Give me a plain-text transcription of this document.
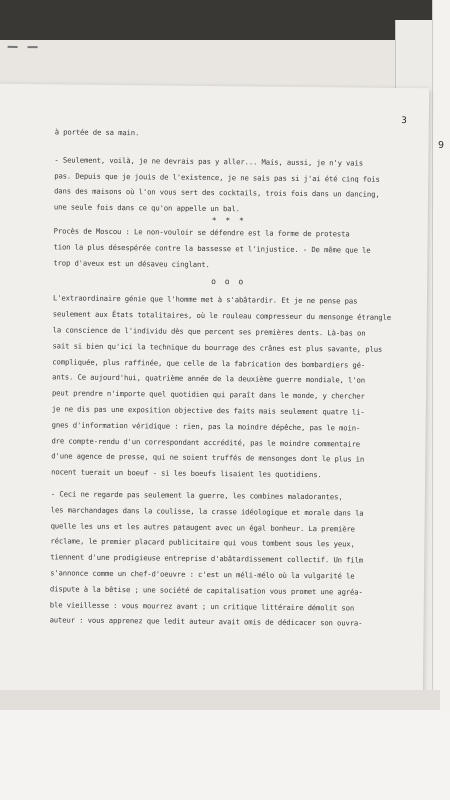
9
3
à portée de sa main.
- Seulement, voilà, je ne devrais pas y aller... Mais, aussi, je n'y vais
pas. Depuis que je jouis de l'existence, je ne sais pas si j'ai été cinq fois
dans des maisons où l'on vous sert des cocktails, trois fois dans un dancing,
une seule fois dans ce qu'on appelle un bal.
* * *
Procès de Moscou : Le non-vouloir se défendre est la forme de protesta
tion la plus désespérée contre la bassesse et l'injustice. - De même que le
trop d'aveux est un désaveu cinglant.
o o o
L'extraordinaire génie que l'homme met à s'abâtardir. Et je ne pense pas
seulement aux États totalitaires, où le rouleau compresseur du mensonge étrangle
la conscience de l'individu dès que percent ses premières dents. Là-bas on
sait si bien qu'ici la technique du bourrage des crânes est plus savante, plus
compliquée, plus raffinée, que celle de la fabrication des bombardiers gé-
ants. Ce aujourd'hui, quatrième année de la deuxième guerre mondiale, l'on
peut prendre n'importe quel quotidien qui paraît dans le monde, y chercher
je ne dis pas une exposition objective des faits mais seulement quatre li-
gnes d'information véridique : rien, pas la moindre dépêche, pas le moin-
dre compte-rendu d'un correspondant accrédité, pas le moindre commentaire
d'une agence de presse, qui ne soient truffés de mensonges dont le plus in
nocent tuerait un boeuf - si les boeufs lisaient les quotidiens.
- Ceci ne regarde pas seulement la guerre, les combines maladorantes,
les marchandages dans la coulisse, la crasse idéologique et morale dans la
quelle les uns et les autres pataugent avec un égal bonheur. La première
réclame, le premier placard publicitaire qui vous tombent sous les yeux,
tiennent d'une prodigieuse entreprise d'abâtardissement collectif. Un film
s'annonce comme un chef-d'oeuvre : c'est un méli-mélo où la vulgarité le
dispute à la bêtise ; une société de capitalisation vous promet une agréa-
ble vieillesse : vous mourrez avant ; un critique littéraire démolit son
auteur : vous apprenez que ledit auteur avait omis de dédicacer son ouvra-
